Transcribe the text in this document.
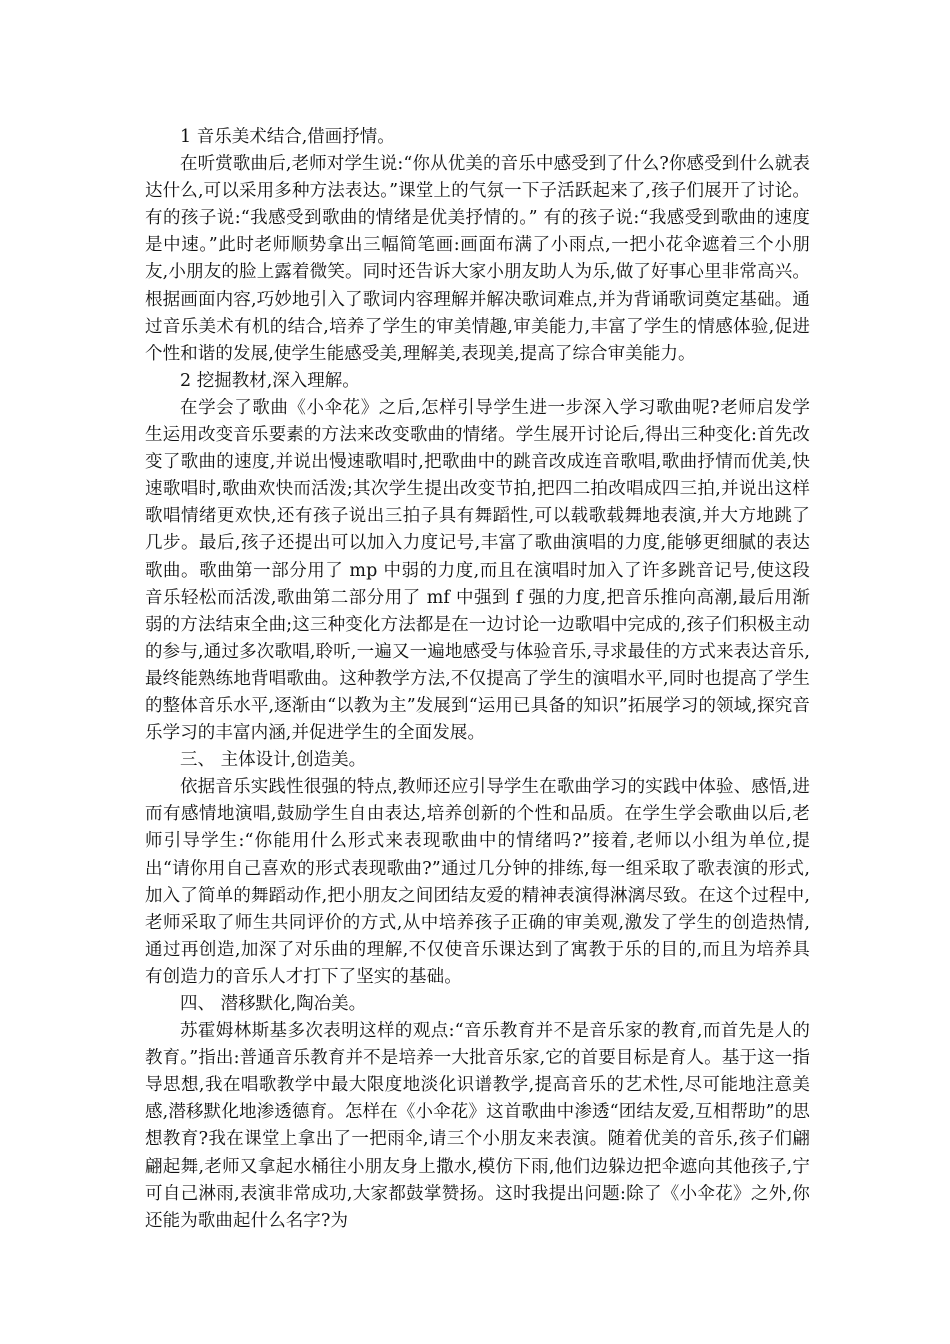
1 音乐美术结合,借画抒情。

在听赏歌曲后,老师对学生说:“你从优美的音乐中感受到了什么?你感受到什么就表达什么,可以采用多种方法表达。”课堂上的气氛一下子活跃起来了,孩子们展开了讨论。有的孩子说:“我感受到歌曲的情绪是优美抒情的。” 有的孩子说:“我感受到歌曲的速度是中速。”此时老师顺势拿出三幅简笔画:画面布满了小雨点,一把小花伞遮着三个小朋友,小朋友的脸上露着微笑。同时还告诉大家小朋友助人为乐,做了好事心里非常高兴。根据画面内容,巧妙地引入了歌词内容理解并解决歌词难点,并为背诵歌词奠定基础。通过音乐美术有机的结合,培养了学生的审美情趣,审美能力,丰富了学生的情感体验,促进个性和谐的发展,使学生能感受美,理解美,表现美,提高了综合审美能力。

2 挖掘教材,深入理解。

在学会了歌曲《小伞花》之后,怎样引导学生进一步深入学习歌曲呢?老师启发学生运用改变音乐要素的方法来改变歌曲的情绪。学生展开讨论后,得出三种变化:首先改变了歌曲的速度,并说出慢速歌唱时,把歌曲中的跳音改成连音歌唱,歌曲抒情而优美,快速歌唱时,歌曲欢快而活泼;其次学生提出改变节拍,把四二拍改唱成四三拍,并说出这样歌唱情绪更欢快,还有孩子说出三拍子具有舞蹈性,可以载歌载舞地表演,并大方地跳了几步。最后,孩子还提出可以加入力度记号,丰富了歌曲演唱的力度,能够更细腻的表达歌曲。歌曲第一部分用了 mp 中弱的力度,而且在演唱时加入了许多跳音记号,使这段音乐轻松而活泼,歌曲第二部分用了 mf 中强到 f 强的力度,把音乐推向高潮,最后用渐弱的方法结束全曲;这三种变化方法都是在一边讨论一边歌唱中完成的,孩子们积极主动的参与,通过多次歌唱,聆听,一遍又一遍地感受与体验音乐,寻求最佳的方式来表达音乐,最终能熟练地背唱歌曲。这种教学方法,不仅提高了学生的演唱水平,同时也提高了学生的整体音乐水平,逐渐由“以教为主”发展到“运用已具备的知识”拓展学习的领域,探究音乐学习的丰富内涵,并促进学生的全面发展。

三、 主体设计,创造美。

依据音乐实践性很强的特点,教师还应引导学生在歌曲学习的实践中体验、感悟,进而有感情地演唱,鼓励学生自由表达,培养创新的个性和品质。在学生学会歌曲以后,老师引导学生:“你能用什么形式来表现歌曲中的情绪吗?”接着,老师以小组为单位,提出“请你用自己喜欢的形式表现歌曲?”通过几分钟的排练,每一组采取了歌表演的形式,加入了简单的舞蹈动作,把小朋友之间团结友爱的精神表演得淋漓尽致。在这个过程中,老师采取了师生共同评价的方式,从中培养孩子正确的审美观,激发了学生的创造热情,通过再创造,加深了对乐曲的理解,不仅使音乐课达到了寓教于乐的目的,而且为培养具有创造力的音乐人才打下了坚实的基础。

四、 潜移默化,陶冶美。

苏霍姆林斯基多次表明这样的观点:“音乐教育并不是音乐家的教育,而首先是人的教育。”指出:普通音乐教育并不是培养一大批音乐家,它的首要目标是育人。基于这一指导思想,我在唱歌教学中最大限度地淡化识谱教学,提高音乐的艺术性,尽可能地注意美感,潜移默化地渗透德育。怎样在《小伞花》这首歌曲中渗透“团结友爱,互相帮助”的思想教育?我在课堂上拿出了一把雨伞,请三个小朋友来表演。随着优美的音乐,孩子们翩翩起舞,老师又拿起水桶往小朋友身上撒水,模仿下雨,他们边躲边把伞遮向其他孩子,宁可自己淋雨,表演非常成功,大家都鼓掌赞扬。这时我提出问题:除了《小伞花》之外,你还能为歌曲起什么名字?为
